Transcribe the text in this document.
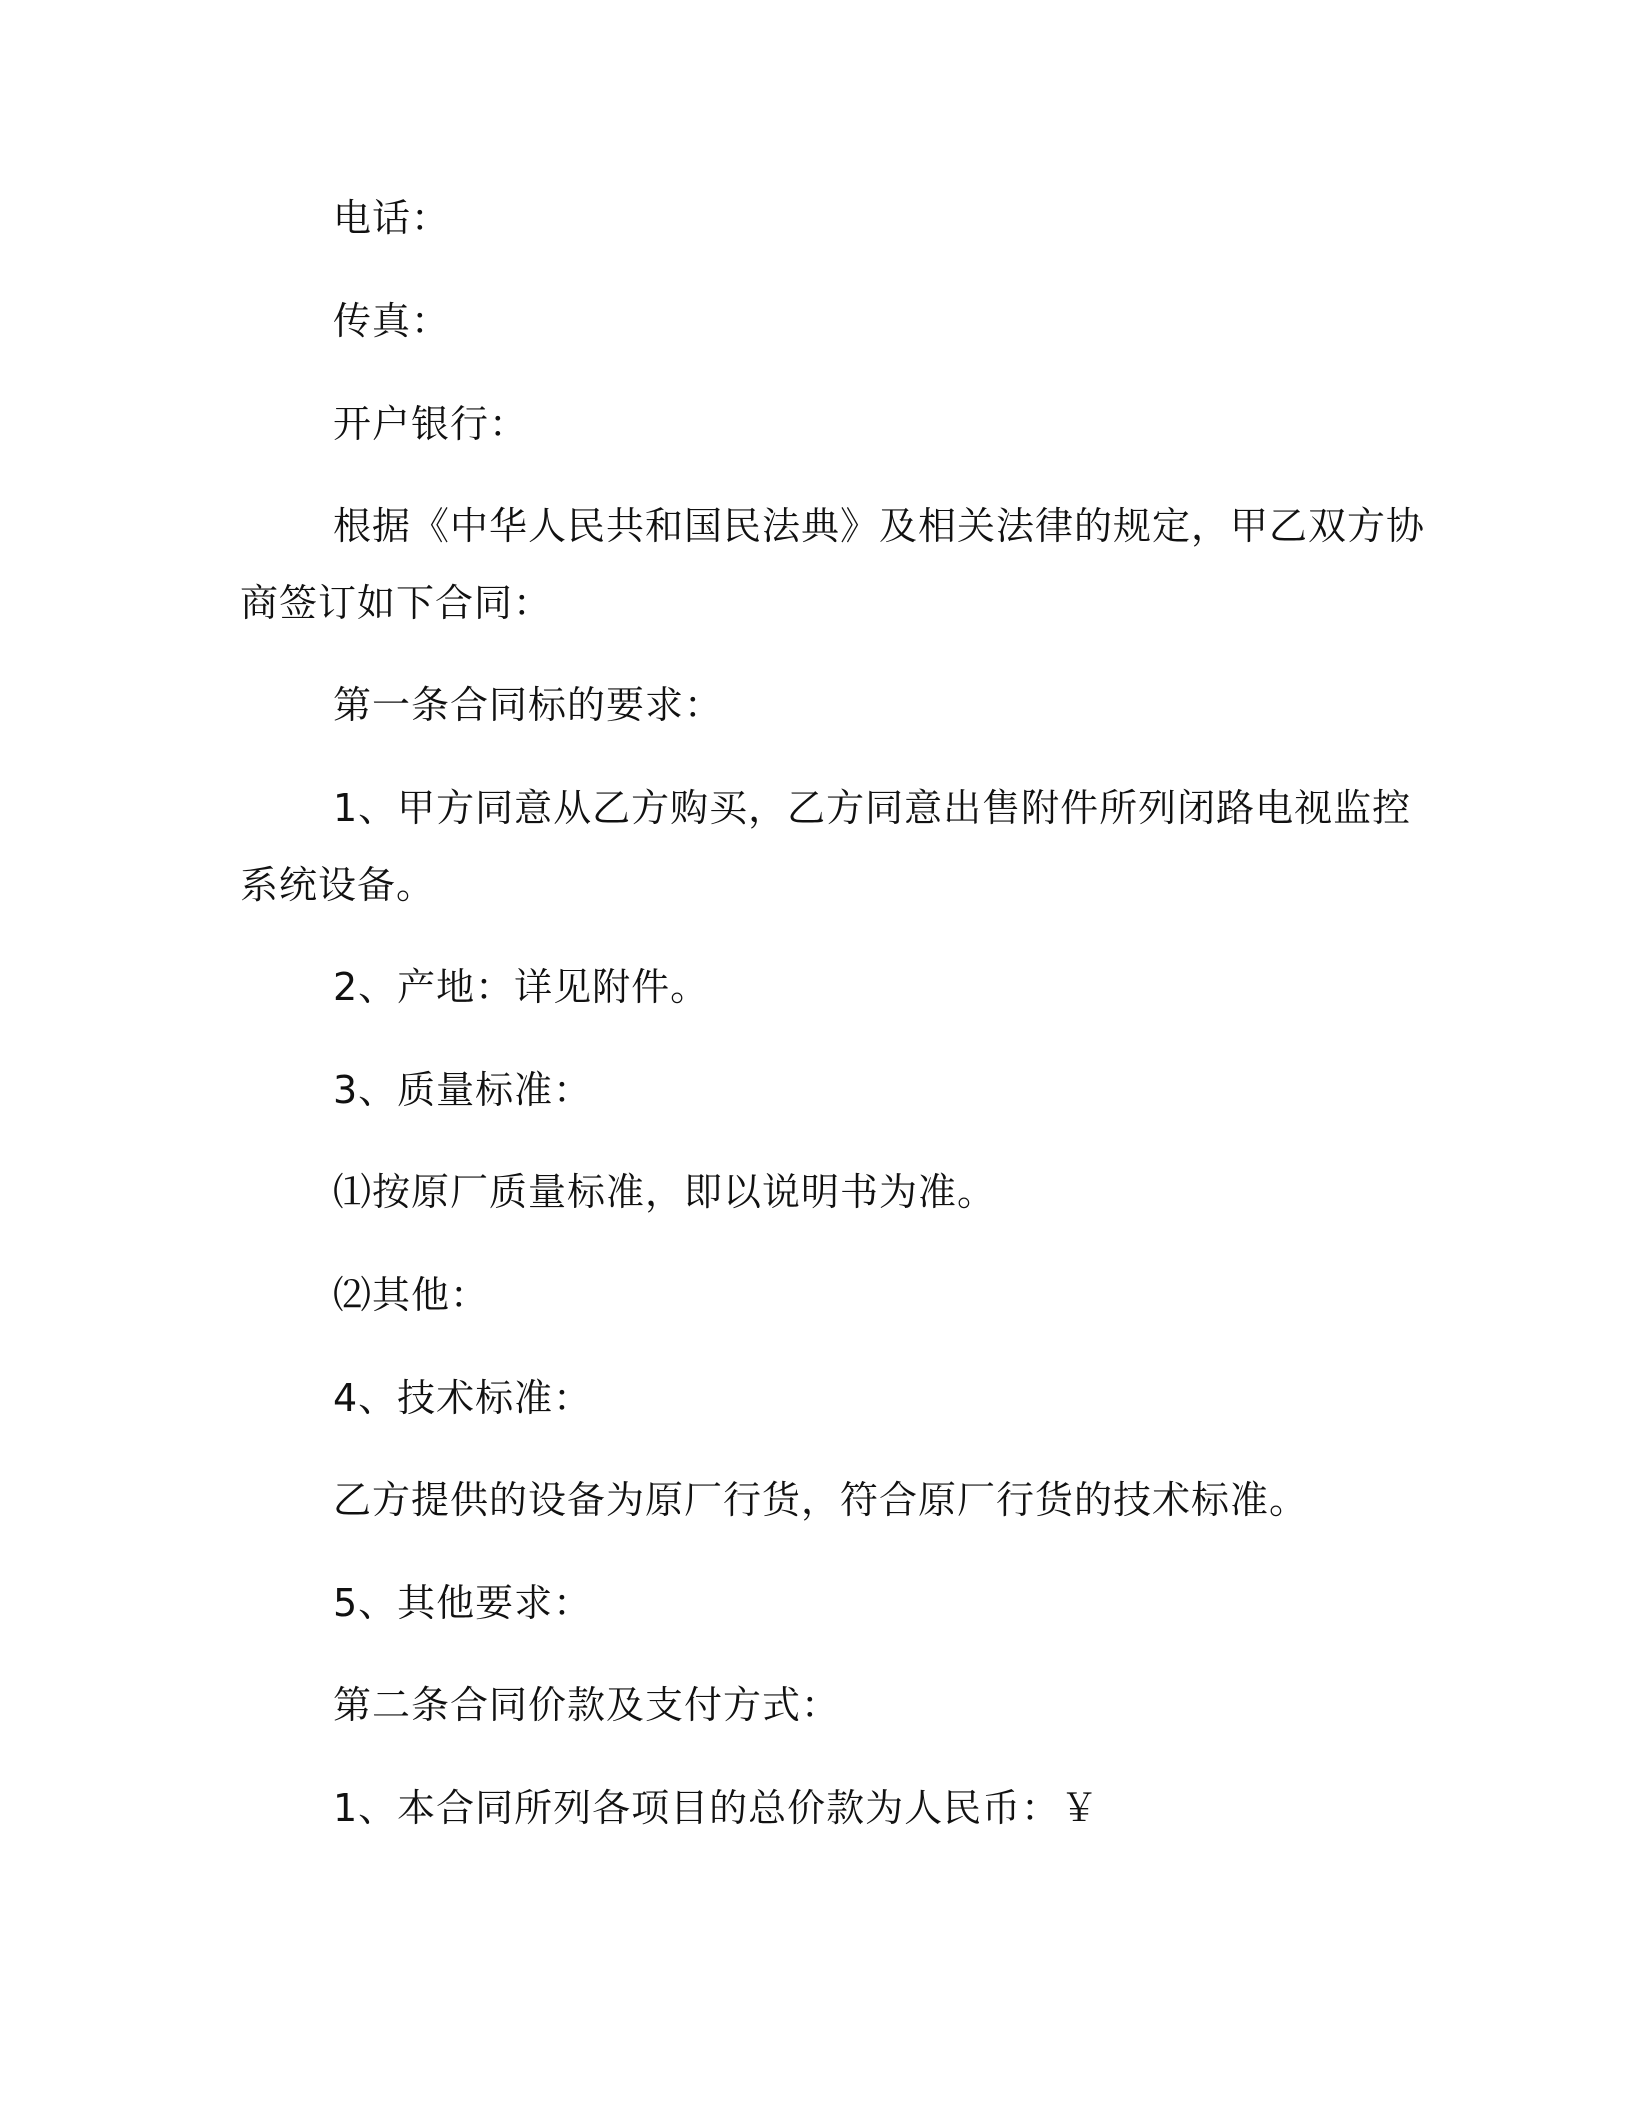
电话：
传真：
开户银行：
根据《中华人民共和国民法典》及相关法律的规定，甲乙双方协
商签订如下合同：
第一条合同标的要求：
1、甲方同意从乙方购买，乙方同意出售附件所列闭路电视监控
系统设备。
2、产地：详见附件。
3、质量标准：
⑴按原厂质量标准，即以说明书为准。
⑵其他：
4、技术标准：
乙方提供的设备为原厂行货，符合原厂行货的技术标准。
5、其他要求：
第二条合同价款及支付方式：
1、本合同所列各项目的总价款为人民币：￥
